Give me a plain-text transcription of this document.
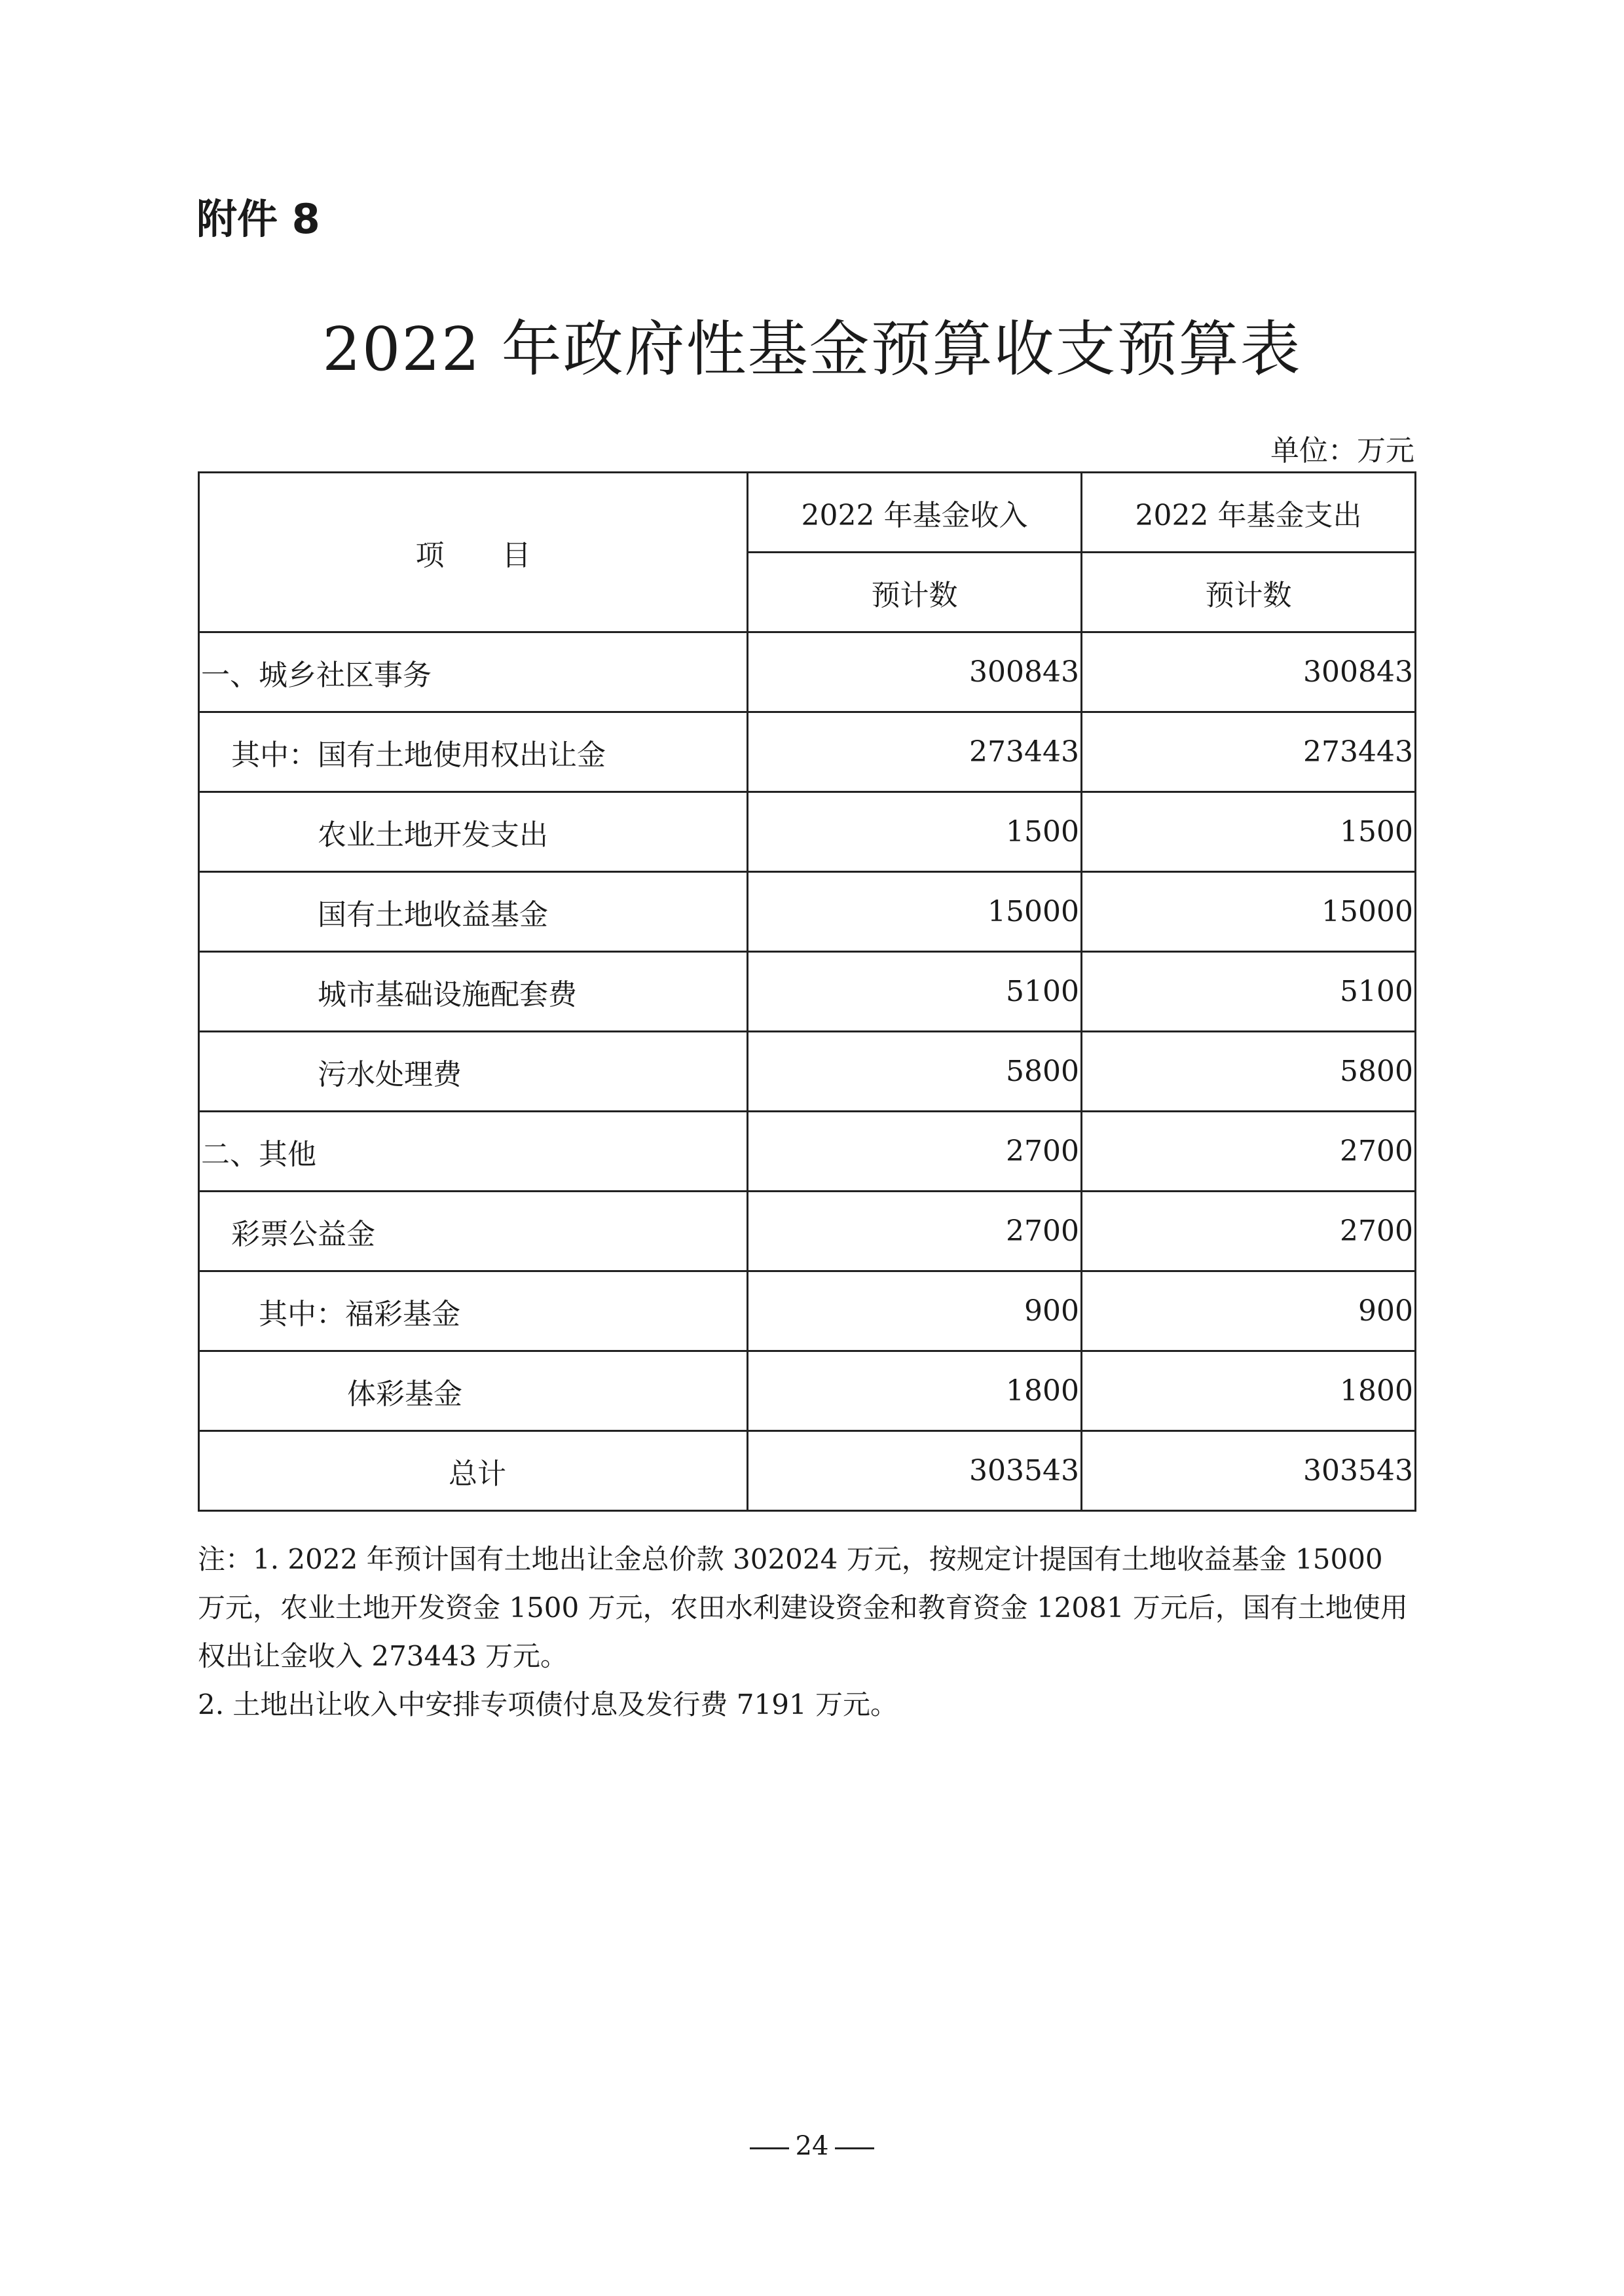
附件 8
2022 年政府性基金预算收支预算表
单位：万元
项　　目	2022 年基金收入	2022 年基金支出
	预计数	预计数
一、城乡社区事务	300843	300843
其中：国有土地使用权出让金	273443	273443
农业土地开发支出	1500	1500
国有土地收益基金	15000	15000
城市基础设施配套费	5100	5100
污水处理费	5800	5800
二、其他	2700	2700
彩票公益金	2700	2700
其中：福彩基金	900	900
体彩基金	1800	1800
总计	303543	303543

注：1. 2022 年预计国有土地出让金总价款 302024 万元，按规定计提国有土地收益基金 15000 万元，农业土地开发资金 1500 万元，农田水利建设资金和教育资金 12081 万元后，国有土地使用权出让金收入 273443 万元。

2. 土地出让收入中安排专项债付息及发行费 7191 万元。

24
